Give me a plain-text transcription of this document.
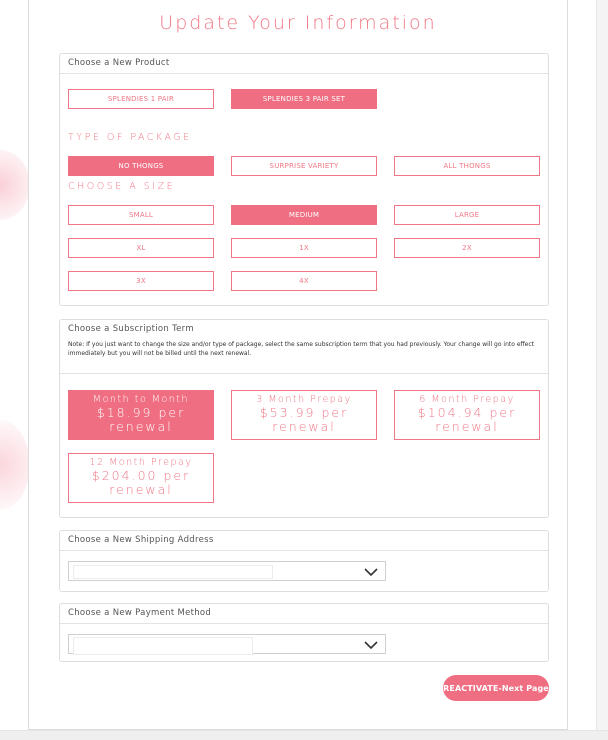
Update Your Information
Choose a New Product
SPLENDIES 1 PAIR	SPLENDIES 3 PAIR SET
TYPE OF PACKAGE
NO THONGS	SURPRISE VARIETY	ALL THONGS
CHOOSE A SIZE
SMALL	MEDIUM	LARGE
XL	1X	2X
3X	4X
Choose a Subscription Term
Note: If you just want to change the size and/or type of package, select the same subscription term that you had previously. Your change will go into effect immediately but you will not be billed until the next renewal.
Month to Month
$18.99 per
renewal
3 Month Prepay
$53.99 per
renewal
6 Month Prepay
$104.94 per
renewal
12 Month Prepay
$204.00 per
renewal
Choose a New Shipping Address
Choose a New Payment Method
REACTIVATE-Next Page
